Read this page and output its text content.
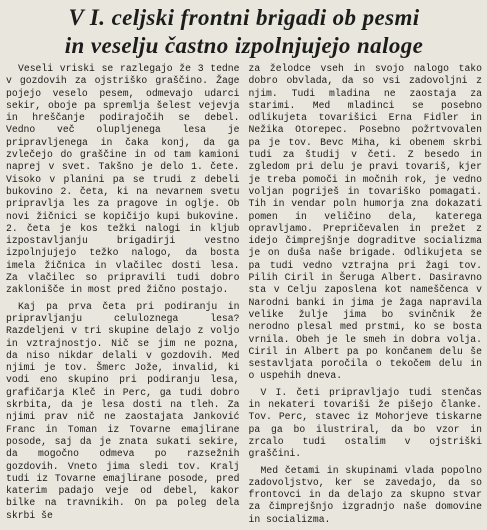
V I. celjski frontni brigadi ob pesmi
in veselju častno izpolnjujejo naloge

Veseli vriski se razlegajo že 3 tedne v gozdovih za ojstriško graščino. Žage pojejo veselo pesem, odmevajo udarci sekir, oboje pa spremlja šelest vejevja in hreščanje podirajočih se debel. Vedno več olupljenega lesa je pripravljenega in čaka konj, da ga zvlečejo do graščine in od tam kamioni naprej v svet. Takšno je delo 1. čete. Visoko v planini pa se trudi z debeli bukovino 2. četa, ki na nevarnem svetu pripravlja les za pragove in oglje. Ob novi žičnici se kopičijo kupi bukovine. 2. četa je kos težki nalogi in kljub izpostavljanju brigadirji vestno izpolnjujejo težko nalogo, da bosta imela žičnica in vlačilec dosti lesa. Za vlačilec so pripravili tudi dobro zaklonišče in most pred žično postajo.

Kaj pa prva četa pri podiranju in pripravljanju celuloznega lesa? Razdeljeni v tri skupine delajo z voljo in vztrajnostjo. Nič se jim ne pozna, da niso nikdar delali v gozdovih. Med njimi je tov. Šmerc Jože, invalid, ki vodi eno skupino pri podiranju lesa, grafičarja Kleč in Perc, ga tudi dobro skrbita, da je lesa dosti na tleh. Za njimi prav nič ne zaostajata Janković Franc in Toman iz Tovarne emajlirane posode, saj da je znata sukati sekire, da mogočno odmeva po razsežnih gozdovih. Vneto jima sledi tov. Kralj tudi iz Tovarne emajlirane posode, pred katerim padajo veje od debel, kakor bilke na travnikih. On pa poleg dela skrbi še

za želodce vseh in svojo nalogo tako dobro obvlada, da so vsi zadovoljni z njim. Tudi mladina ne zaostaja za starimi. Med mladinci se posebno odlikujeta tovarišici Erna Fidler in Nežika Otorepec. Posebno požrtvovalen pa je tov. Bevc Miha, ki obenem skrbi tudi za študij v četi. Z besedo in zgledom pri delu je pravi tovariš, kjer je treba pomoči in močnih rok, je vedno voljan pogriješ in tovariško pomagati. Tih in vendar poln humorja zna dokazati pomen in veličino dela, katerega opravljamo. Prepričevalen in prežet z idejo čimprejšnje dograditve socializma je on duša naše brigade. Odlikujeta se pa tudi vedno vztrajna pri žagi tov. Pilih Ciril in Šeruga Albert. Dasiravno sta v Celju zaposlena kot nameščenca v Narodni banki in jima je žaga napravila velike žulje jima bo svinčnik že nerodno plesal med prstmi, ko se bosta vrnila. Obeh je le smeh in dobra volja. Ciril in Albert pa po končanem delu še sestavljata poročila o tekočem delu in o uspehih dneva.

V I. četi pripravljajo tudi stenčas in nekateri tovariši že pišejo članke. Tov. Perc, stavec iz Mohorjeve tiskarne pa ga bo ilustriral, da bo vzor in zrcalo tudi ostalim v ojstriški graščini.

Med četami in skupinami vlada popolno zadovoljstvo, ker se zavedajo, da so frontovci in da delajo za skupno stvar za čimprejšnjo izgradnjo naše domovine in socializma.
